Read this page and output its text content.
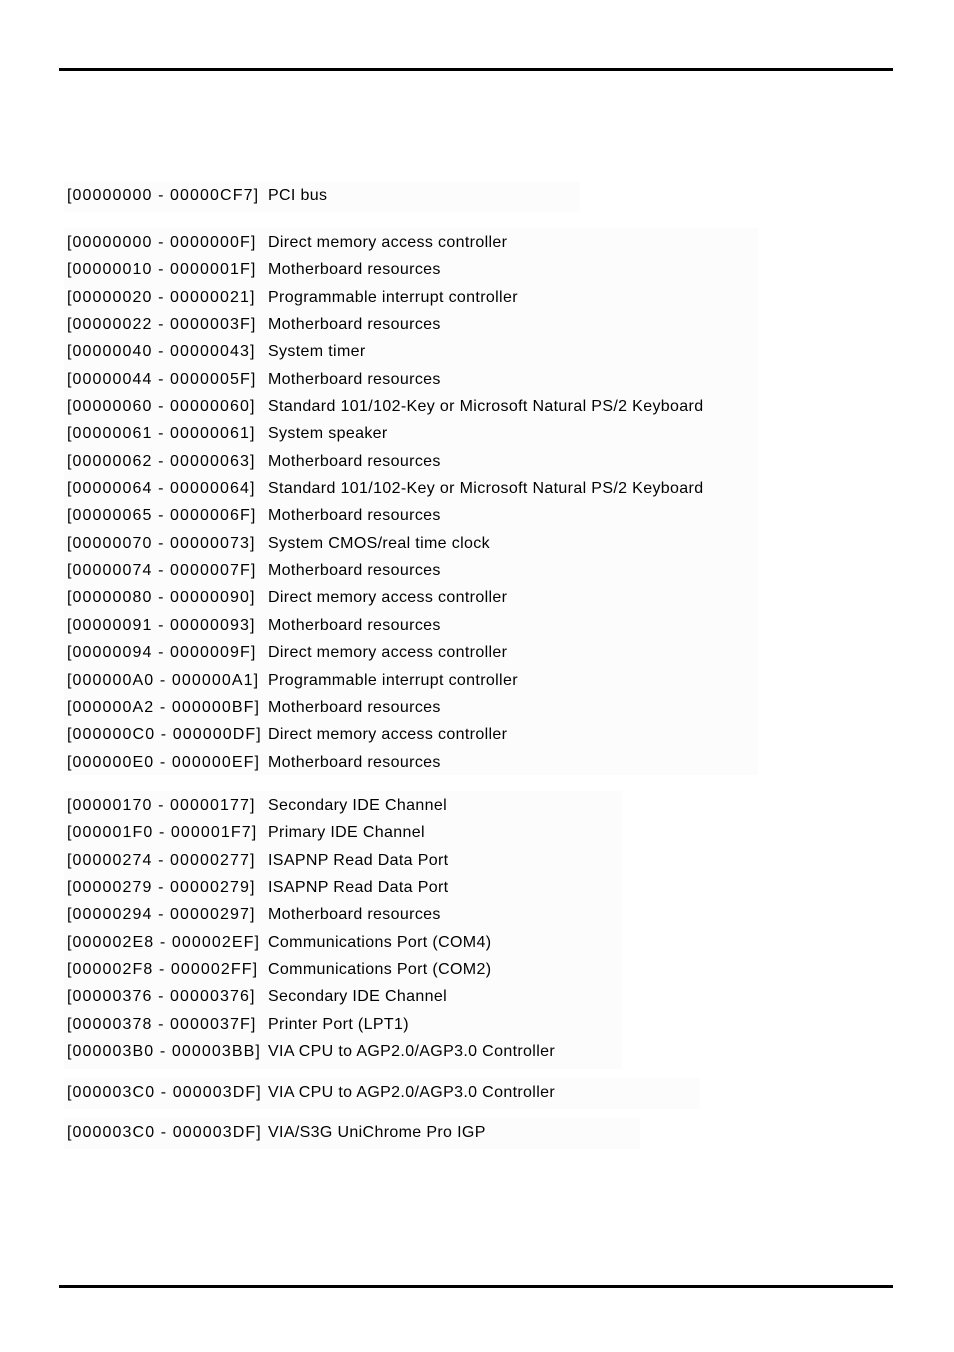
[00000000 - 00000CF7] PCI bus
[00000000 - 0000000F] Direct memory access controller
[00000010 - 0000001F] Motherboard resources
[00000020 - 00000021] Programmable interrupt controller
[00000022 - 0000003F] Motherboard resources
[00000040 - 00000043] System timer
[00000044 - 0000005F] Motherboard resources
[00000060 - 00000060] Standard 101/102-Key or Microsoft Natural PS/2 Keyboard
[00000061 - 00000061] System speaker
[00000062 - 00000063] Motherboard resources
[00000064 - 00000064] Standard 101/102-Key or Microsoft Natural PS/2 Keyboard
[00000065 - 0000006F] Motherboard resources
[00000070 - 00000073] System CMOS/real time clock
[00000074 - 0000007F] Motherboard resources
[00000080 - 00000090] Direct memory access controller
[00000091 - 00000093] Motherboard resources
[00000094 - 0000009F] Direct memory access controller
[000000A0 - 000000A1] Programmable interrupt controller
[000000A2 - 000000BF] Motherboard resources
[000000C0 - 000000DF] Direct memory access controller
[000000E0 - 000000EF] Motherboard resources
[00000170 - 00000177] Secondary IDE Channel
[000001F0 - 000001F7] Primary IDE Channel
[00000274 - 00000277] ISAPNP Read Data Port
[00000279 - 00000279] ISAPNP Read Data Port
[00000294 - 00000297] Motherboard resources
[000002E8 - 000002EF] Communications Port (COM4)
[000002F8 - 000002FF] Communications Port (COM2)
[00000376 - 00000376] Secondary IDE Channel
[00000378 - 0000037F] Printer Port (LPT1)
[000003B0 - 000003BB] VIA CPU to AGP2.0/AGP3.0 Controller
[000003C0 - 000003DF] VIA CPU to AGP2.0/AGP3.0 Controller
[000003C0 - 000003DF] VIA/S3G UniChrome Pro IGP
